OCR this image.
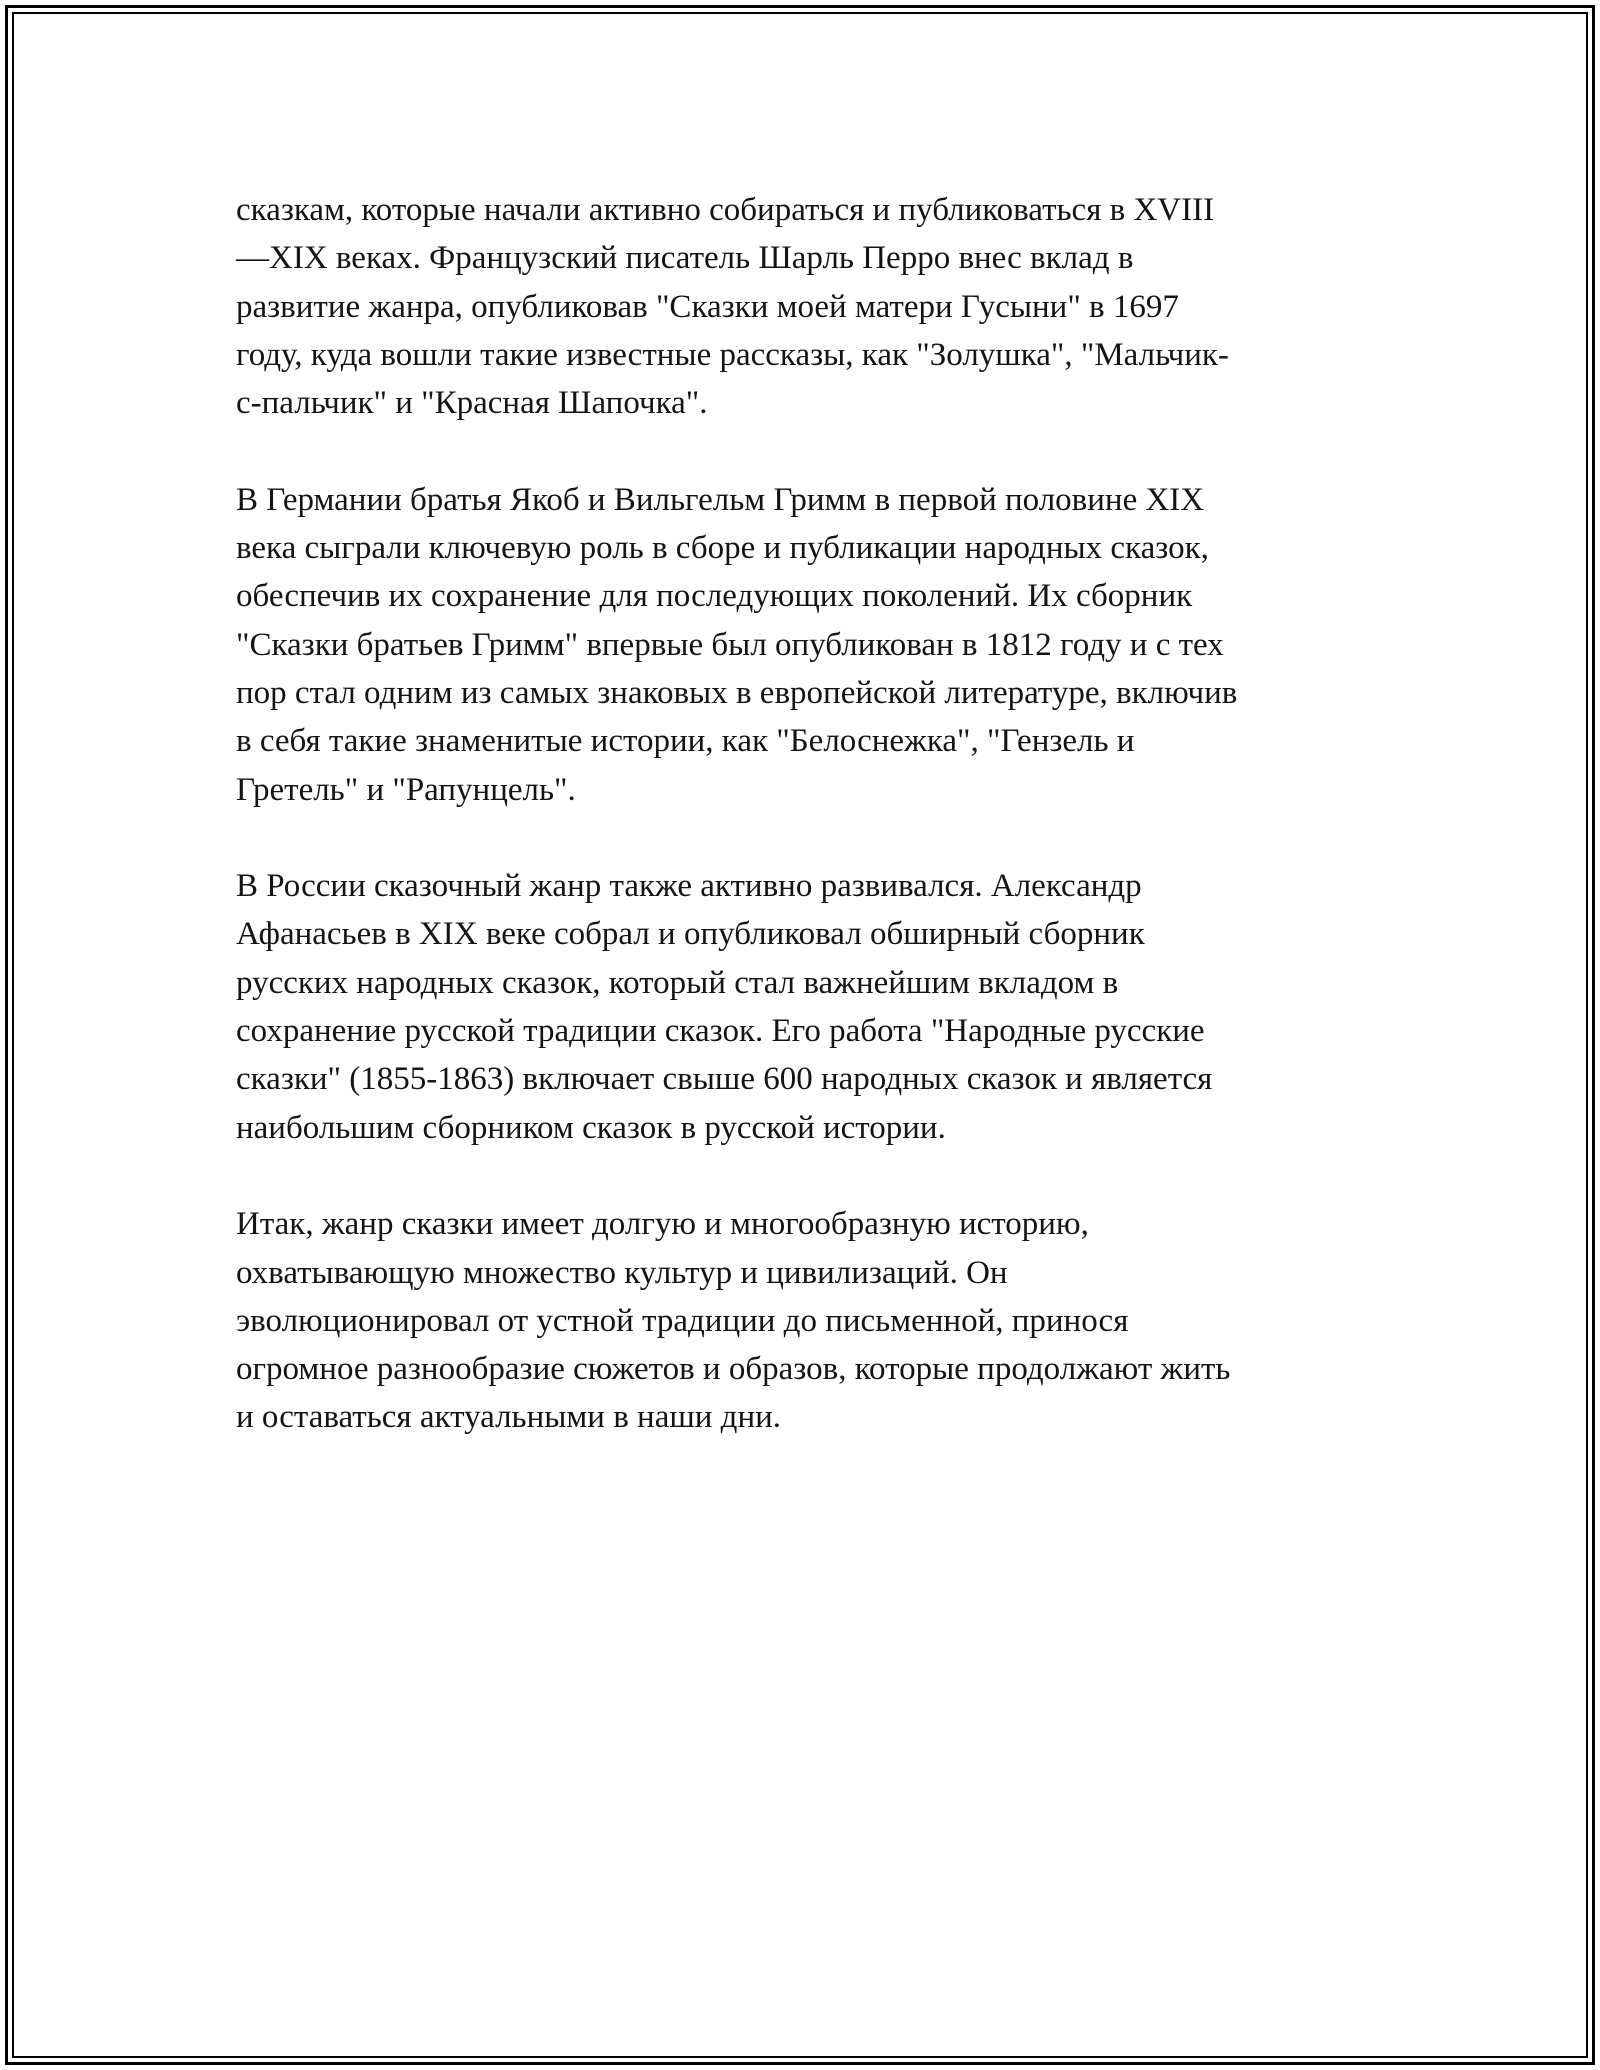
сказкам, которые начали активно собираться и публиковаться в XVIII
—XIX веках. Французский писатель Шарль Перро внес вклад в
развитие жанра, опубликовав "Сказки моей матери Гусыни" в 1697
году, куда вошли такие известные рассказы, как "Золушка", "Мальчик-
с-пальчик" и "Красная Шапочка".

В Германии братья Якоб и Вильгельм Гримм в первой половине XIX
века сыграли ключевую роль в сборе и публикации народных сказок,
обеспечив их сохранение для последующих поколений. Их сборник
"Сказки братьев Гримм" впервые был опубликован в 1812 году и с тех
пор стал одним из самых знаковых в европейской литературе, включив
в себя такие знаменитые истории, как "Белоснежка", "Гензель и
Гретель" и "Рапунцель".

В России сказочный жанр также активно развивался. Александр
Афанасьев в XIX веке собрал и опубликовал обширный сборник
русских народных сказок, который стал важнейшим вкладом в
сохранение русской традиции сказок. Его работа "Народные русские
сказки" (1855-1863) включает свыше 600 народных сказок и является
наибольшим сборником сказок в русской истории.

Итак, жанр сказки имеет долгую и многообразную историю,
охватывающую множество культур и цивилизаций. Он
эволюционировал от устной традиции до письменной, принося
огромное разнообразие сюжетов и образов, которые продолжают жить
и оставаться актуальными в наши дни.
